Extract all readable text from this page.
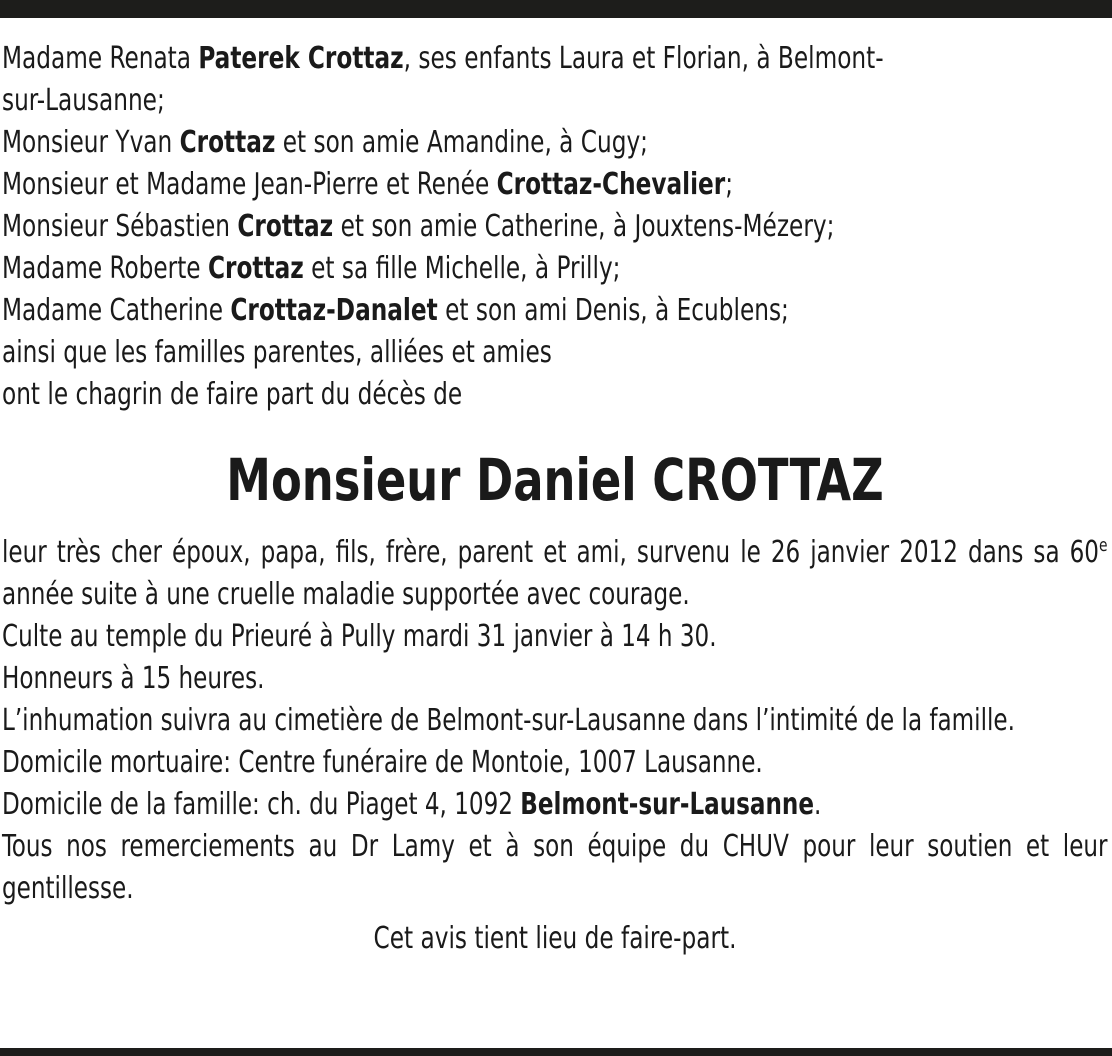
Madame Renata Paterek Crottaz, ses enfants Laura et Florian, à Belmont-
sur-Lausanne;
Monsieur Yvan Crottaz et son amie Amandine, à Cugy;
Monsieur et Madame Jean-Pierre et Renée Crottaz-Chevalier;
Monsieur Sébastien Crottaz et son amie Catherine, à Jouxtens-Mézery;
Madame Roberte Crottaz et sa fille Michelle, à Prilly;
Madame Catherine Crottaz-Danalet et son ami Denis, à Ecublens;
ainsi que les familles parentes, alliées et amies
ont le chagrin de faire part du décès de
Monsieur Daniel CROTTAZ
leur très cher époux, papa, fils, frère, parent et ami, survenu le 26 janvier 2012 dans sa 60e année suite à une cruelle maladie supportée avec courage.
Culte au temple du Prieuré à Pully mardi 31 janvier à 14 h 30.
Honneurs à 15 heures.
L’inhumation suivra au cimetière de Belmont-sur-Lausanne dans l’intimité de la famille.
Domicile mortuaire: Centre funéraire de Montoie, 1007 Lausanne.
Domicile de la famille: ch. du Piaget 4, 1092 Belmont-sur-Lausanne.
Tous nos remerciements au Dr Lamy et à son équipe du CHUV pour leur soutien et leur gentillesse.
Cet avis tient lieu de faire-part.
